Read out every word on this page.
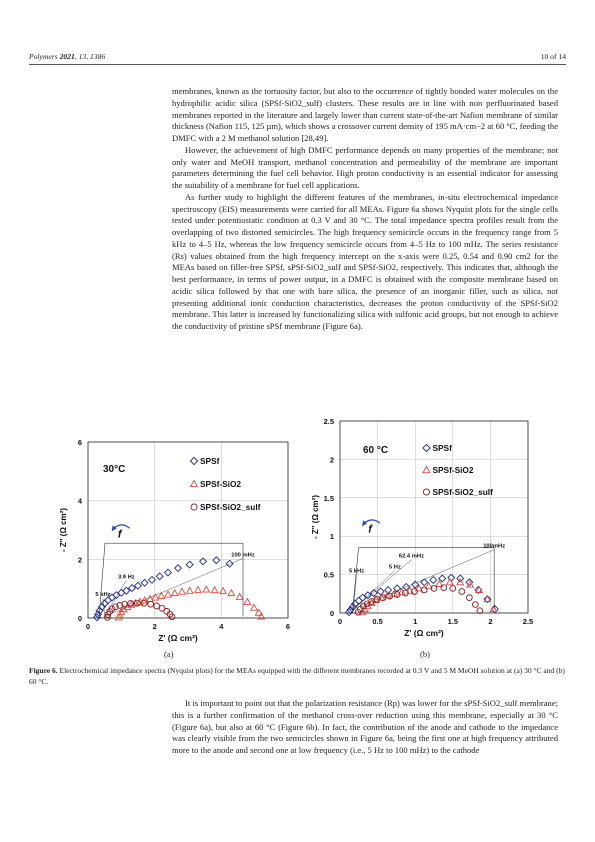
Polymers 2021, 13, 1386	10 of 14

membranes, known as the tortuosity factor, but also to the occurrence of tightly bonded water molecules on the hydrophilic acidic silica (SPSf-SiO2_sulf) clusters. These results are in line with non perfluorinated based membranes reported in the literature and largely lower than current state-of-the-art Nafion membrane of similar thickness (Nafion 115, 125 µm), which shows a crossover current density of 195 mA·cm−2 at 60 °C, feeding the DMFC with a 2 M methanol solution [28,49].

However, the achievement of high DMFC performance depends on many properties of the membrane; not only water and MeOH transport, methanol concentration and permeability of the membrane are important parameters determining the fuel cell behavior. High proton conductivity is an essential indicator for assessing the suitability of a membrane for fuel cell applications.

As further study to highlight the different features of the membranes, in-situ electrochemical impedance spectroscopy (EIS) measurements were carried for all MEAs. Figure 6a shows Nyquist plots for the single cells tested under potentiostatic condition at 0.3 V and 30 °C. The total impedance spectra profiles result from the overlapping of two distorted semicircles. The high frequency semicircle occurs in the frequency range from 5 kHz to 4–5 Hz, whereas the low frequency semicircle occurs from 4–5 Hz to 100 mHz. The series resistance (Rs) values obtained from the high frequency intercept on the x-axis were 0.25, 0.54 and 0.90 cm2 for the MEAs based on filler-free SPSf, sPSf-SiO2_sulf and SPSf-SiO2, respectively. This indicates that, although the best performance, in terms of power output, in a DMFC is obtained with the composite membrane based on acidic silica followed by that one with bare silica, the presence of an inorganic filler, such as silica, not presenting additional ionic conduction characteristics, decreases the proton conductivity of the SPSf-SiO2 membrane. This latter is increased by functionalizing silica with sulfonic acid groups, but not enough to achieve the conductivity of pristine sPSf membrane (Figure 6a).

0	2	4	6
0
2
4
6
Z' (Ω cm²)
- Z'' (Ω cm²)
30°C
SPSf
SPSf-SiO2
SPSf-SiO2_sulf
5 kHz
3.9 Hz
100 mHz
f
0	0.5	1	1.5	2	2.5
0
0.5
1
1.5
2
2.5
Z' (Ω cm²)
- Z'' (Ω cm²)
60 °C	SPSf
SPSf-SiO2
SPSf-SiO2_sulf
5 kHz
5 Hz
62.4 mHz
100mHz
f
(a)	(b)
Figure 6. Electrochemical impedance spectra (Nyquist plots) for the MEAs equipped with the different membranes recorded at 0.3 V and 5 M MeOH solution at (a) 30 °C and (b) 60 °C.

It is important to point out that the polarization resistance (Rp) was lower for the sPSf-SiO2_sulf membrane; this is a further confirmation of the methanol cross-over reduction using this membrane, especially at 30 °C (Figure 6a), but also at 60 °C (Figure 6b). In fact, the contribution of the anode and cathode to the impedance was clearly visible from the two semicircles shown in Figure 6a, being the first one at high frequency attributed more to the anode and second one at low frequency (i.e., 5 Hz to 100 mHz) to the cathode
